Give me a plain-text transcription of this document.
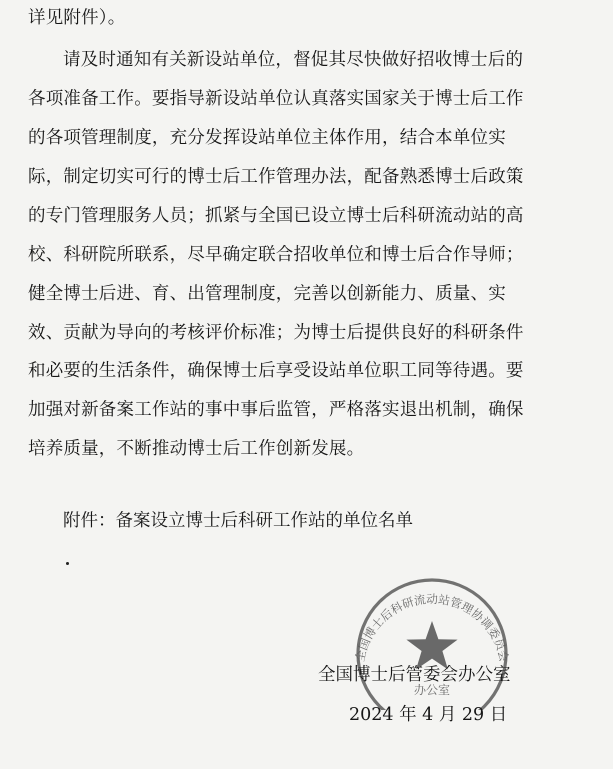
详见附件）。
请及时通知有关新设站单位，督促其尽快做好招收博士后的
各项准备工作。要指导新设站单位认真落实国家关于博士后工作
的各项管理制度，充分发挥设站单位主体作用，结合本单位实
际，制定切实可行的博士后工作管理办法，配备熟悉博士后政策
的专门管理服务人员；抓紧与全国已设立博士后科研流动站的高
校、科研院所联系，尽早确定联合招收单位和博士后合作导师；
健全博士后进、育、出管理制度，完善以创新能力、质量、实
效、贡献为导向的考核评价标准；为博士后提供良好的科研条件
和必要的生活条件，确保博士后享受设站单位职工同等待遇。要
加强对新备案工作站的事中事后监管，严格落实退出机制，确保
培养质量，不断推动博士后工作创新发展。
附件：备案设立博士后科研工作站的单位名单
全国博士后科研流动站管理协调委员会
办公室
全国博士后管委会办公室
2024 年 4 月 29 日
